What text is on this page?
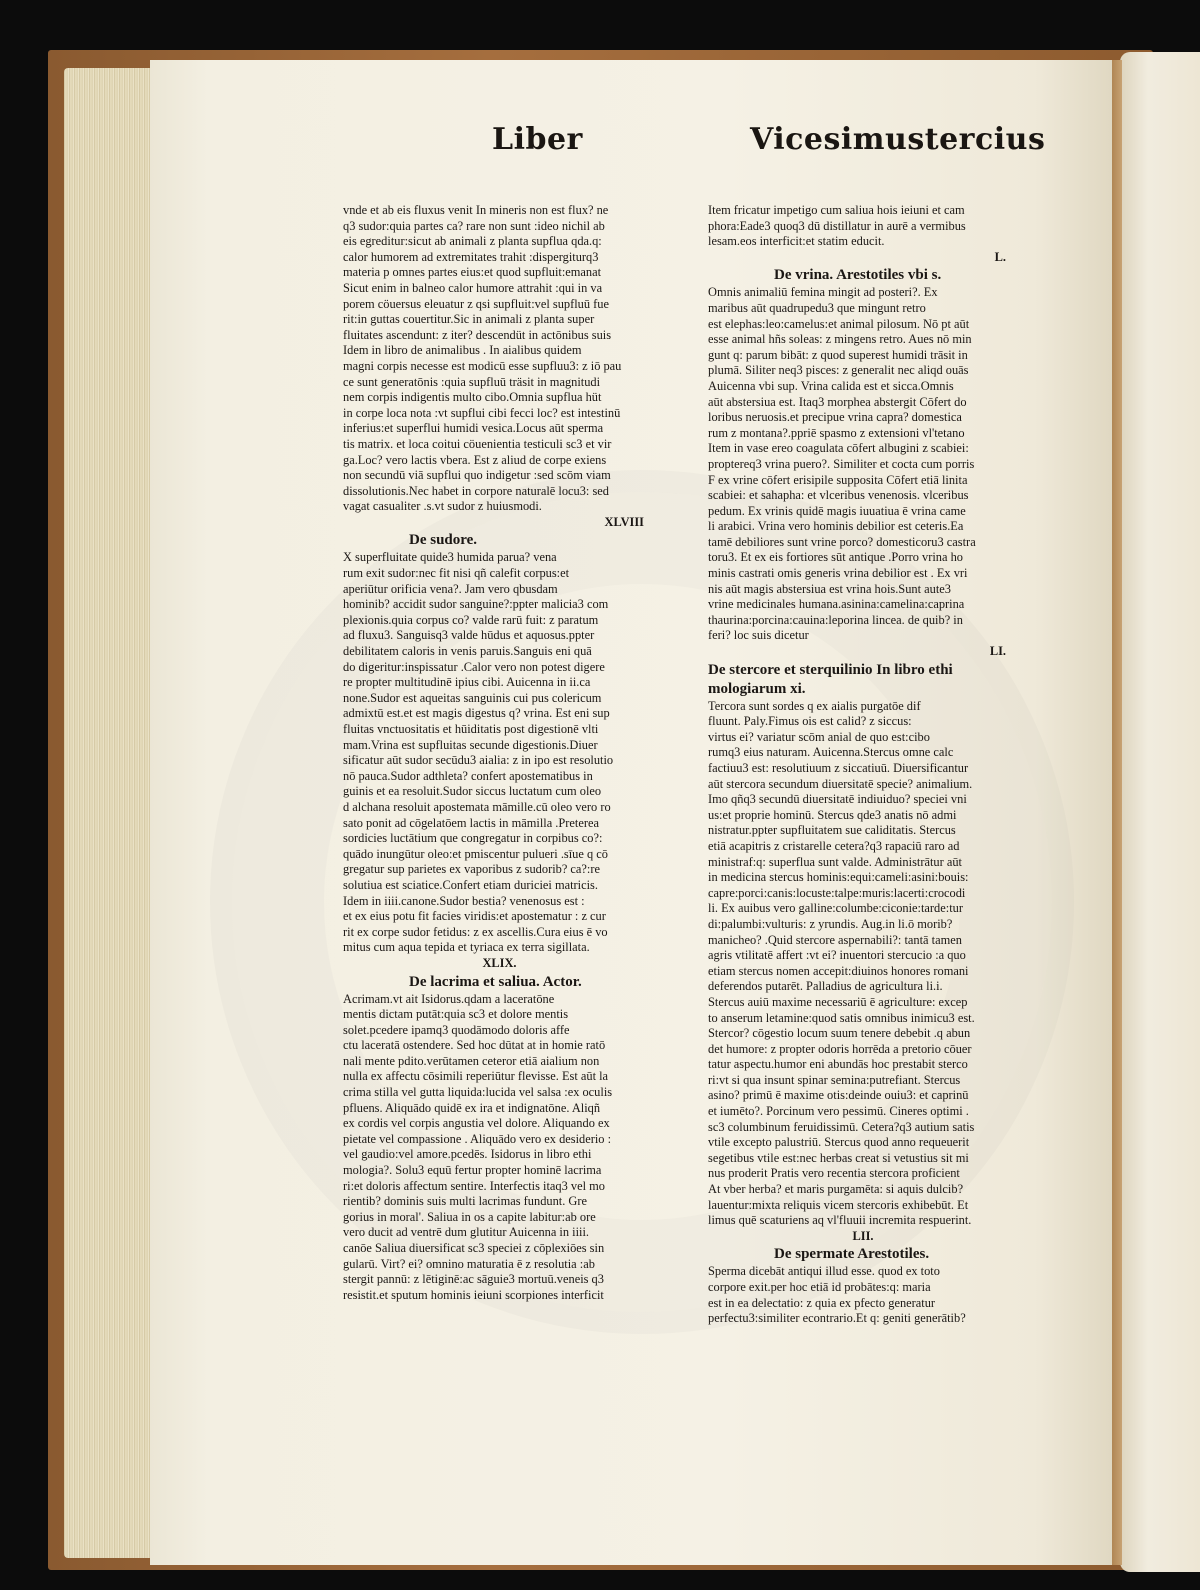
Liber	Vicesimustercius

vnde et ab eis fluxus venit In mineris non est flux? ne
q3 sudor:quia partes ca? rare non sunt :ideo nichil ab
eis egreditur:sicut ab animali z planta supflua qda.q:
calor humorem ad extremitates trahit :dispergiturq3
materia p omnes partes eius:et quod supfluit:emanat
Sicut enim in balneo calor humore attrahit :qui in va
porem cöuersus eleuatur z qsi supfluit:vel supfluū fue
rit:in guttas couertitur.Sic in animali z planta super
fluitates ascendunt: z iter? descendüt in actōnibus suis
Idem in libro de animalibus . In aialibus quidem
magni corpis necesse est modicū esse supfluu3: z iō pau
ce sunt generatōnis :quia supfluū träsit in magnitudi
nem corpis indigentis multo cibo.Omnia supflua hüt
in corpe loca nota :vt supflui cibi fecci loc? est intestinū
inferius:et superflui humidi vesica.Locus aūt sperma
tis matrix. et loca coitui cöuenientia testiculi sc3 et vir
ga.Loc? vero lactis vbera. Est z aliud de corpe exiens
non secundū viā supflui quo indigetur :sed scōm viam
dissolutionis.Nec habet in corpore naturalē locu3: sed
vagat casualiter .s.vt sudor z huiusmodi.

XLVIII
De sudore.

X superfluitate quide3 humida parua? vena
rum exit sudor:nec fit nisi qñ calefit corpus:et
aperiūtur orificia vena?. Jam vero qbusdam
hominib? accidit sudor sanguine?:ppter malicia3 com
plexionis.quia corpus co? valde rarū fuit: z paratum
ad fluxu3. Sanguisq3 valde hūdus et aquosus.ppter
debilitatem caloris in venis paruis.Sanguis eni quā
do digeritur:inspissatur .Calor vero non potest digere
re propter multitudinē ipius cibi. Auicenna in ii.ca
none.Sudor est aqueitas sanguinis cui pus colericum
admixtū est.et est magis digestus q? vrina. Est eni sup
fluitas vnctuositatis et hūiditatis post digestionē vlti
mam.Vrina est supfluitas secunde digestionis.Diuer
sificatur aūt sudor secūdu3 aialia: z in ipo est resolutio
nō pauca.Sudor adthleta? confert apostematibus in
guinis et ea resoluit.Sudor siccus luctatum cum oleo
d alchana resoluit apostemata māmille.cū oleo vero ro
sato ponit ad cōgelatōem lactis in māmilla .Preterea
sordicies luctātium que congregatur in corpibus co?:
quādo inungūtur oleo:et pmiscentur pulueri .sīue q cō
gregatur sup parietes ex vaporibus z sudorib? ca?:re
solutiua est sciatice.Confert etiam duriciei matricis.
Idem in iiii.canone.Sudor bestia? venenosus est :
et ex eius potu fit facies viridis:et apostematur : z cur
rit ex corpe sudor fetidus: z ex ascellis.Cura eius ē vo
mitus cum aqua tepida et tyriaca ex terra sigillata.

XLIX.
De lacrima et saliua. Actor.

Acrimam.vt ait Isidorus.qdam a laceratōne
mentis dictam putāt:quia sc3 et dolore mentis
solet.pcedere ipamq3 quodāmodo doloris affe
ctu laceratā ostendere. Sed hoc dūtat at in homie ratō
nali mente pdito.verūtamen ceteror etiā aialium non
nulla ex affectu cōsimili reperiūtur flevisse. Est aūt la
crima stilla vel gutta liquida:lucida vel salsa :ex oculis
pfluens. Aliquādo quidē ex ira et indignatōne. Aliqñ
ex cordis vel corpis angustia vel dolore. Aliquando ex
pietate vel compassione . Aliquādo vero ex desiderio :
vel gaudio:vel amore.pcedēs. Isidorus in libro ethi
mologia?. Solu3 equū fertur propter hominē lacrima
ri:et doloris affectum sentire. Interfectis itaq3 vel mo
rientib? dominis suis multi lacrimas fundunt. Gre
gorius in moral'. Saliua in os a capite labitur:ab ore
vero ducit ad ventrē dum glutitur Auicenna in iiii.
canōe Saliua diuersificat sc3 speciei z cōplexiōes sin
gularū. Virt? ei? omnino maturatia ē z resolutia :ab
stergit pannū: z lētiginē:ac sāguie3 mortuū.veneis q3
resistit.et sputum hominis ieiuni scorpiones interficit

Item fricatur impetigo cum saliua hois ieiuni et cam
phora:Eade3 quoq3 dū distillatur in aurē a vermibus
lesam.eos interficit:et statim educit.

L.
De vrina. Arestotiles vbi s.

Omnis animaliū femina mingit ad posteri?. Ex
maribus aūt quadrupedu3 que mingunt retro
est elephas:leo:camelus:et animal pilosum. Nō pt aūt
esse animal hñs soleas: z mingens retro. Aues nō min
gunt q: parum bibāt: z quod superest humidi trāsit in
plumā. Siliter neq3 pisces: z generalit nec aliqd ouās
Auicenna vbi sup. Vrina calida est et sicca.Omnis
aūt abstersiua est. Itaq3 morphea abstergit Cōfert do
loribus neruosis.et precipue vrina capra? domestica
rum z montana?.ppriē spasmo z extensioni vl'tetano
Item in vase ereo coagulata cōfert albugini z scabiei:
proptereq3 vrina puero?. Similiter et cocta cum porris
F ex vrine cōfert erisipile supposita Cōfert etiā linita
scabiei: et sahapha: et vlceribus venenosis. vlceribus
pedum. Ex vrinis quidē magis iuuatiua ē vrina came
li arabici. Vrina vero hominis debilior est ceteris.Ea
tamē debiliores sunt vrine porco? domesticoru3 castra
toru3. Et ex eis fortiores sūt antique .Porro vrina ho
minis castrati omis generis vrina debilior est . Ex vri
nis aūt magis abstersiua est vrina hois.Sunt aute3
vrine medicinales humana.asinina:camelina:caprina
thaurina:porcina:cauina:leporina lincea. de quib? in
feri? loc suis dicetur

LI.
De stercore et sterquilinio In libro ethi
mologiarum xi.

Tercora sunt sordes q ex aialis purgatōe dif
fluunt. Paly.Fimus ois est calid? z siccus:
virtus ei? variatur scōm anial de quo est:cibo
rumq3 eius naturam. Auicenna.Stercus omne calc
factiuu3 est: resolutiuum z siccatiuū. Diuersificantur
aūt stercora secundum diuersitatē specie? animalium.
Imo qñq3 secundū diuersitatē indiuiduo? speciei vni
us:et proprie hominū. Stercus qde3 anatis nō admi
nistratur.ppter supfluitatem sue caliditatis. Stercus
etiā acapitris z cristarelle cetera?q3 rapaciū raro ad
ministraf:q: superflua sunt valde. Administrātur aūt
in medicina stercus hominis:equi:cameli:asini:bouis:
capre:porci:canis:locuste:talpe:muris:lacerti:crocodi
li. Ex auibus vero galline:columbe:ciconie:tarde:tur
di:palumbi:vulturis: z yrundis. Aug.in li.ō morib?
manicheo? .Quid stercore aspernabili?: tantā tamen
agris vtilitatē affert :vt ei? inuentori stercucio :a quo
etiam stercus nomen accepit:diuinos honores romani
deferendos putarēt. Palladius de agricultura li.i.
Stercus auiū maxime necessariū ē agriculture: excep
to anserum letamine:quod satis omnibus inimicu3 est.
Stercor? cōgestio locum suum tenere debebit .q abun
det humore: z propter odoris horrēda a pretorio cōuer
tatur aspectu.humor eni abundās hoc prestabit sterco
ri:vt si qua insunt spinar semina:putrefiant. Stercus
asino? primū ē maxime otis:deinde ouiu3: et caprinū
et iumēto?. Porcinum vero pessimū. Cineres optimi .
sc3 columbinum feruidissimū. Cetera?q3 autium satis
vtile excepto palustriū. Stercus quod anno requeuerit
segetibus vtile est:nec herbas creat si vetustius sit mi
nus proderit Pratis vero recentia stercora proficient
At vber herba? et maris purgamēta: si aquis dulcib?
lauentur:mixta reliquis vicem stercoris exhibebūt. Et
limus quē scaturiens aq vl'fluuii incremita respuerint.

LII.
De spermate Arestotiles.

Sperma dicebāt antiqui illud esse. quod ex toto
corpore exit.per hoc etiā id probātes:q: maria
est in ea delectatio: z quia ex pfecto generatur
perfectu3:similiter econtrario.Et q: geniti generātib?
